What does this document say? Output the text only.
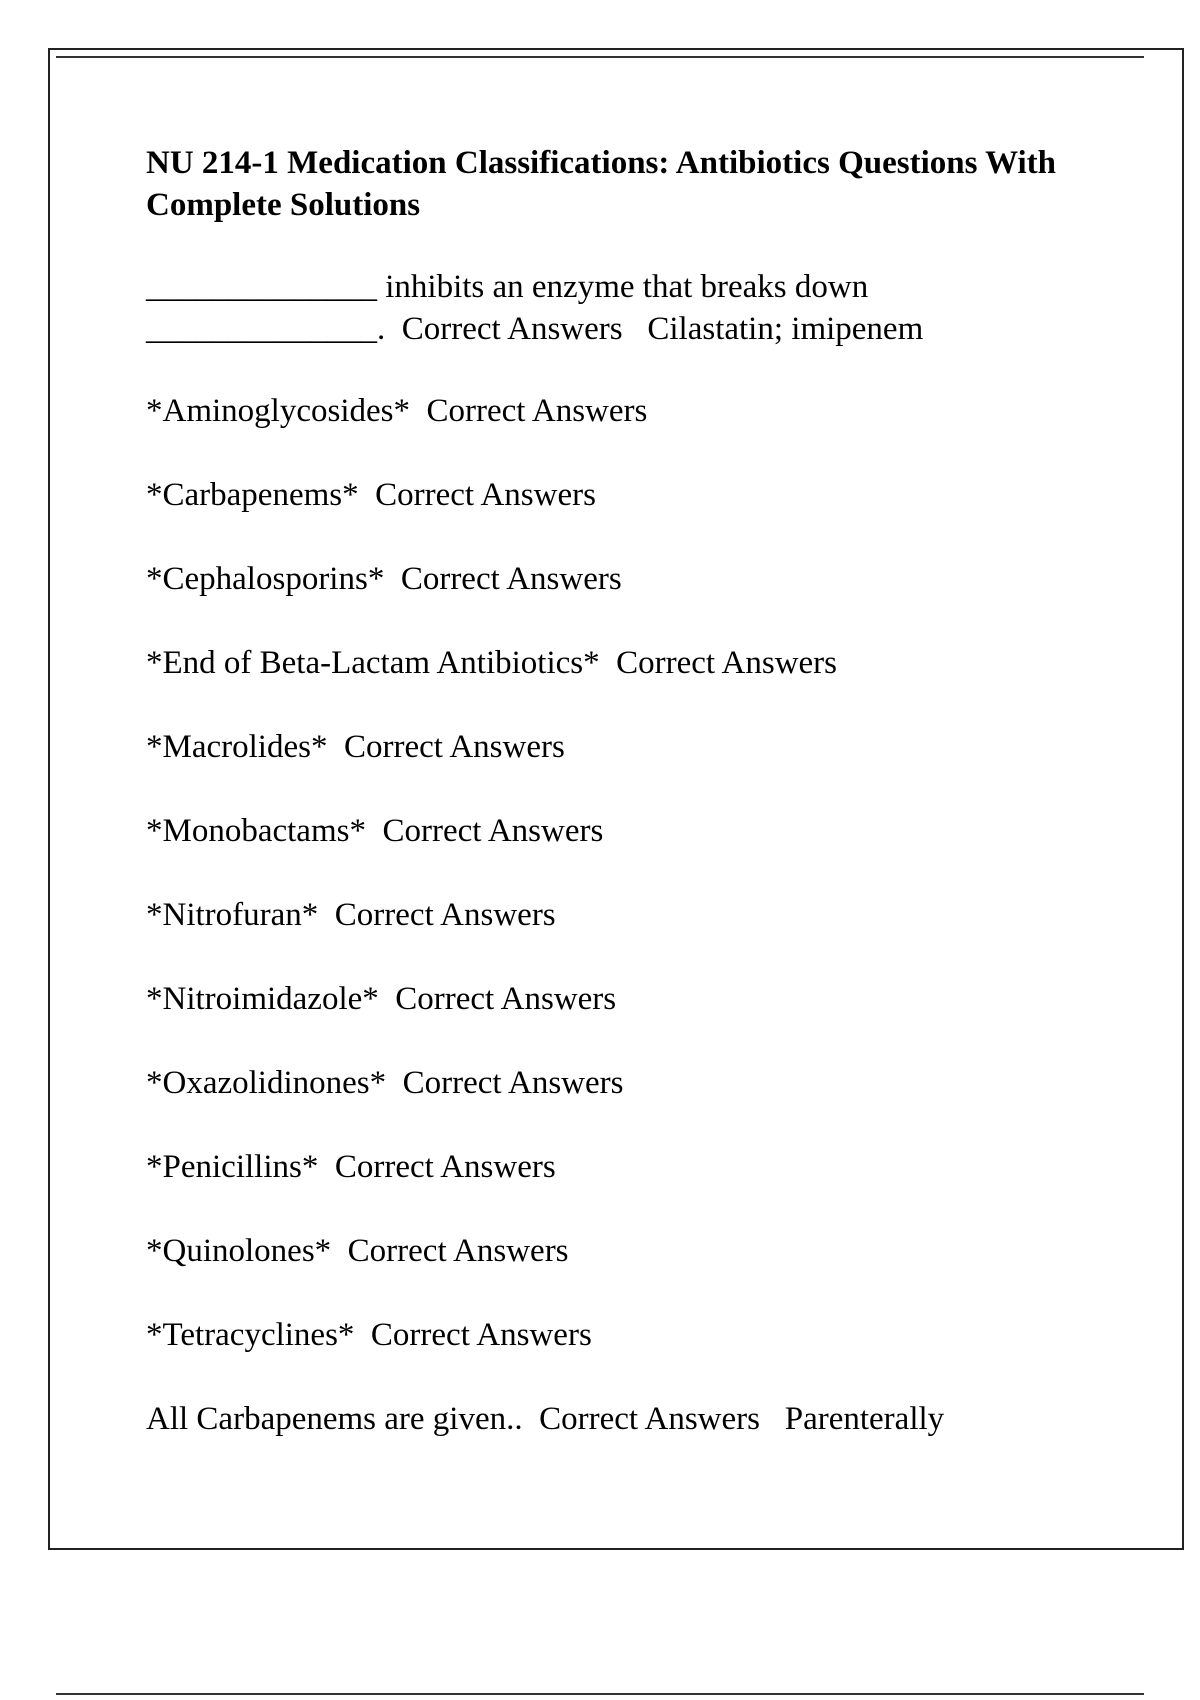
NU 214-1 Medication Classifications: Antibiotics Questions With Complete Solutions
______________ inhibits an enzyme that breaks down ______________.  Correct Answers   Cilastatin; imipenem
*Aminoglycosides*  Correct Answers
*Carbapenems*  Correct Answers
*Cephalosporins*  Correct Answers
*End of Beta-Lactam Antibiotics*  Correct Answers
*Macrolides*  Correct Answers
*Monobactams*  Correct Answers
*Nitrofuran*  Correct Answers
*Nitroimidazole*  Correct Answers
*Oxazolidinones*  Correct Answers
*Penicillins*  Correct Answers
*Quinolones*  Correct Answers
*Tetracyclines*  Correct Answers
All Carbapenems are given..  Correct Answers   Parenterally
